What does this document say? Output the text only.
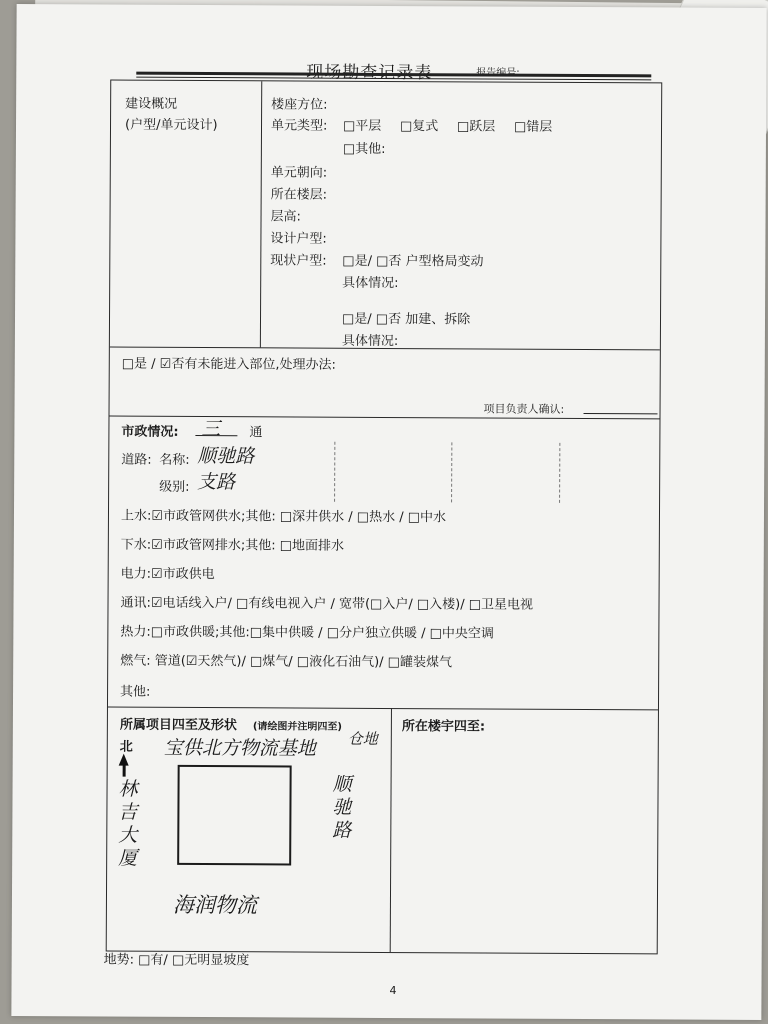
建设概况
(户型/单元设计)
楼座方位:
单元类型: □平层 □复式 □跃层 □错层
□其他:
单元朝向:
所在楼层:
层高:
设计户型:
现状户型: □是/ □否 户型格局变动
具体情况:
□是/ □否 加建、拆除
具体情况:
□是 / ☑否有未能进入部位,处理办法:
项目负责人确认:
市政情况: 三 通
道路: 名称: 顺驰路
级别: 支路
上水:☑市政管网供水;其他: □深井供水 / □热水 / □中水
下水:☑市政管网排水;其他: □地面排水
电力:☑市政供电
通讯:☑电话线入户/ □有线电视入户 / 宽带(□入户/ □入楼)/ □卫星电视
热力:□市政供暖;其他:□集中供暖 / □分户独立供暖 / □中央空调
燃气: 管道(☑天然气)/ □煤气/ □液化石油气)/ □罐装煤气
其他:
所属项目四至及形状 (请绘图并注明四至)	所在楼宇四至:
北 宝供北方物流基地 仓地
林吉大厦	顺驰路
海润物流
地势: □有/ □无明显坡度
4
